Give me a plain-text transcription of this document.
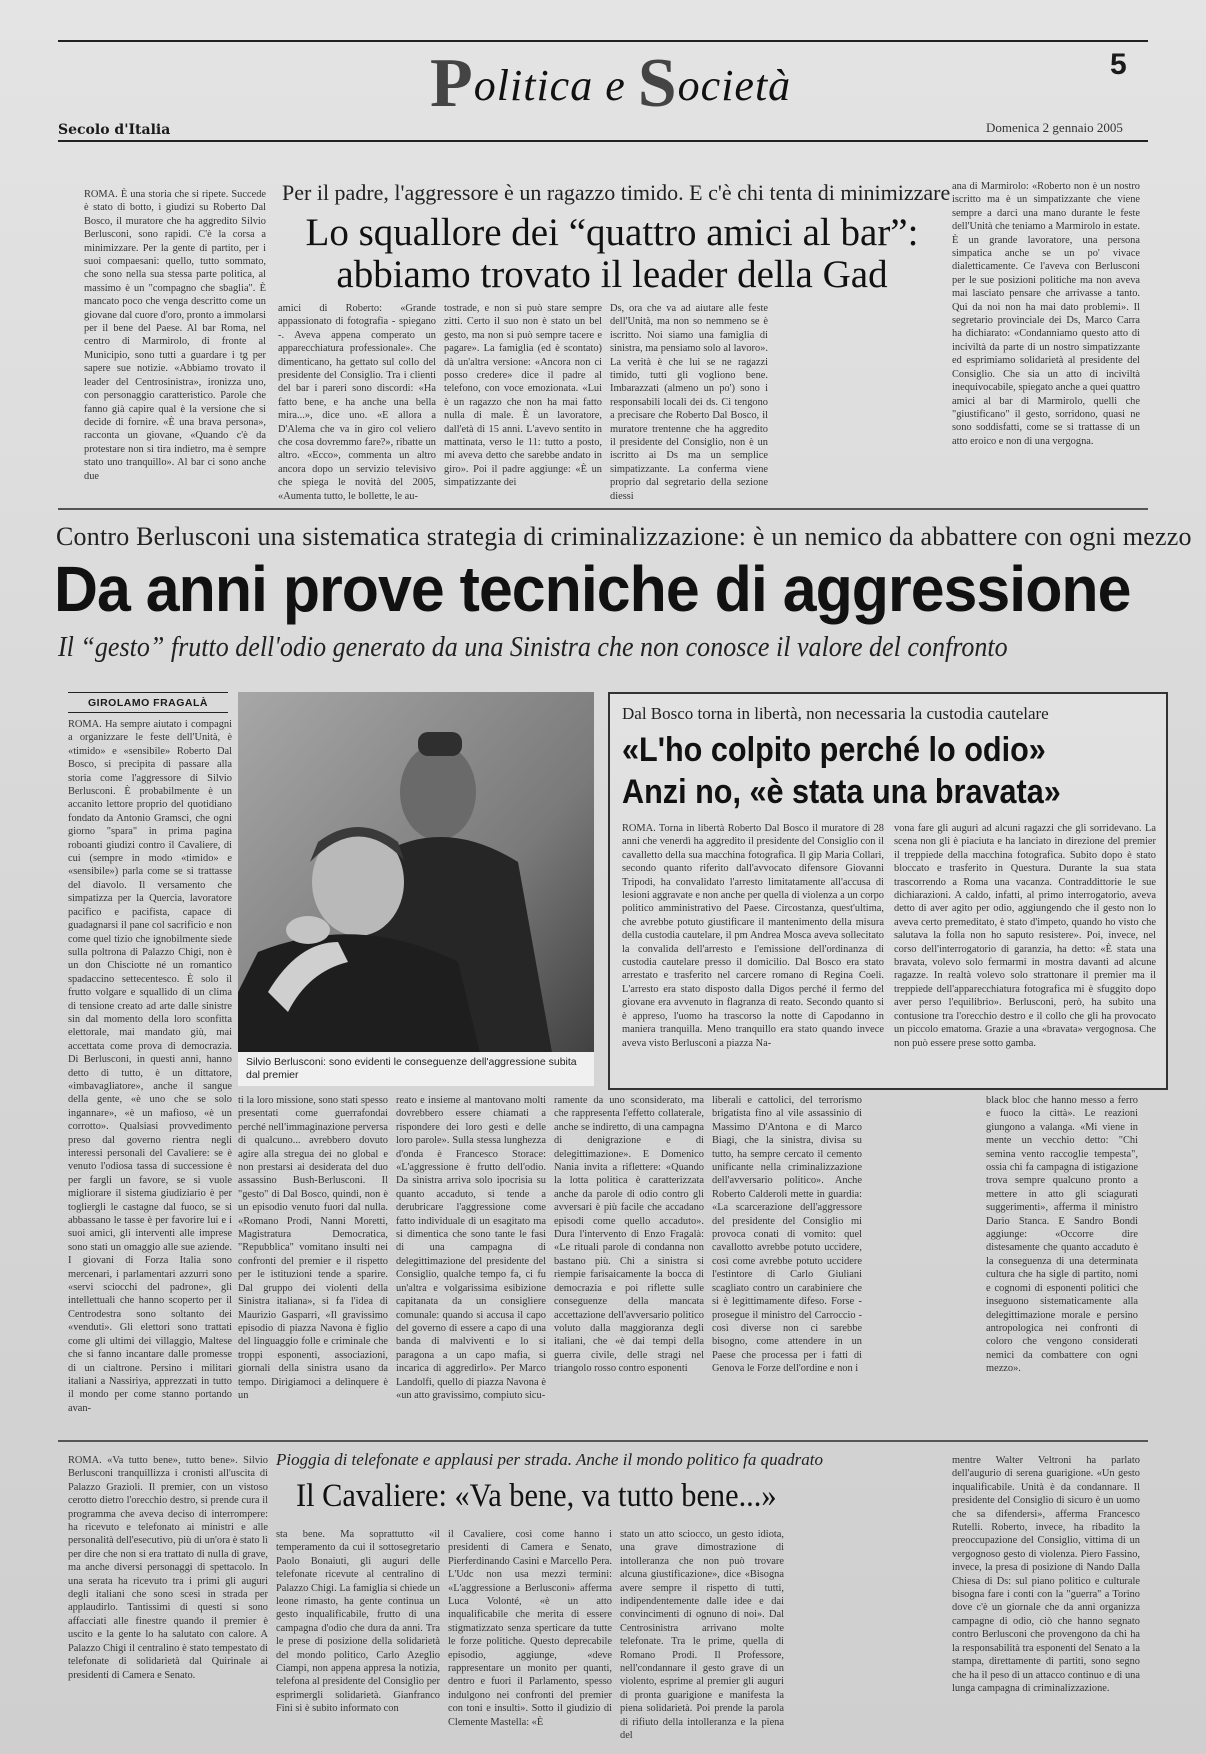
Politica e Società	5
Secolo d'Italia	Domenica 2 gennaio 2005
ROMA. È una storia che si ripete. Succede è stato di botto, i giudizi su Roberto Dal Bosco, il muratore che ha aggredito Silvio Berlusconi, sono rapidi. C'è la corsa a minimizzare. Per la gente di partito, per i suoi compaesani: quello, tutto sommato, che sono nella sua stessa parte politica, al massimo è un "compagno che sbaglia". È mancato poco che venga descritto come un giovane dal cuore d'oro, pronto a immolarsi per il bene del Paese. Al bar Roma, nel centro di Marmirolo, di fronte al Municipio, sono tutti a guardare i tg per sapere sue notizie. «Abbiamo trovato il leader del Centrosinistra», ironizza uno, con personaggio caratteristico. Parole che fanno già capire qual è la versione che si decide di fornire. «È una brava persona», racconta un giovane, «Quando c'è da protestare non si tira indietro, ma è sempre stato uno tranquillo». Al bar ci sono anche due
Per il padre, l'aggressore è un ragazzo timido. E c'è chi tenta di minimizzare
Lo squallore dei “quattro amici al bar”:
abbiamo trovato il leader della Gad
amici di Roberto: «Grande appassionato di fotografia - spiegano -. Aveva appena comperato un apparecchiatura professionale». Che dimenticano, ha gettato sul collo del presidente del Consiglio. Tra i clienti del bar i pareri sono discordi: «Ha fatto bene, e ha anche una bella mira...», dice uno. «E allora a D'Alema che va in giro col veliero che cosa dovremmo fare?», ribatte un altro. «Ecco», commenta un altro ancora dopo un servizio televisivo che spiega le novità del 2005, «Aumenta tutto, le bollette, le au-
tostrade, e non si può stare sempre zitti. Certo il suo non è stato un bel gesto, ma non si può sempre tacere e pagare». La famiglia (ed è scontato) dà un'altra versione: «Ancora non ci posso credere» dice il padre al telefono, con voce emozionata. «Lui è un ragazzo che non ha mai fatto nulla di male. È un lavoratore, dall'età di 15 anni. L'avevo sentito in mattinata, verso le 11: tutto a posto, mi aveva detto che sarebbe andato in giro». Poi il padre aggiunge: «È un simpatizzante dei
Ds, ora che va ad aiutare alle feste dell'Unità, ma non so nemmeno se è iscritto. Noi siamo una famiglia di sinistra, ma pensiamo solo al lavoro». La verità è che lui se ne ragazzi timido, tutti gli vogliono bene. Imbarazzati (almeno un po') sono i responsabili locali dei ds. Ci tengono a precisare che Roberto Dal Bosco, il muratore trentenne che ha aggredito il presidente del Consiglio, non è un iscritto ai Ds ma un semplice simpatizzante. La conferma viene proprio dal segretario della sezione diessi
ana di Marmirolo: «Roberto non è un nostro iscritto ma è un simpatizzante che viene sempre a darci una mano durante le feste dell'Unità che teniamo a Marmirolo in estate. È un grande lavoratore, una persona simpatica anche se un po' vivace dialetticamente. Ce l'aveva con Berlusconi per le sue posizioni politiche ma non aveva mai lasciato pensare che arrivasse a tanto. Qui da noi non ha mai dato problemi». Il segretario provinciale dei Ds, Marco Carra ha dichiarato: «Condanniamo questo atto di inciviltà da parte di un nostro simpatizzante ed esprimiamo solidarietà al presidente del Consiglio. Che sia un atto di inciviltà inequivocabile, spiegato anche a quei quattro amici al bar di Marmirolo, quelli che "giustificano" il gesto, sorridono, quasi ne sono soddisfatti, come se si trattasse di un atto eroico e non di una vergogna.
Contro Berlusconi una sistematica strategia di criminalizzazione: è un nemico da abbattere con ogni mezzo
Da anni prove tecniche di aggressione
Il “gesto” frutto dell'odio generato da una Sinistra che non conosce il valore del confronto
GIROLAMO FRAGALÀ
ROMA. Ha sempre aiutato i compagni a organizzare le feste dell'Unità, è «timido» e «sensibile» Roberto Dal Bosco, si precipita di passare alla storia come l'aggressore di Silvio Berlusconi. È probabilmente è un accanito lettore proprio del quotidiano fondato da Antonio Gramsci, che ogni giorno "spara" in prima pagina roboanti giudizi contro il Cavaliere, di cui (sempre in modo «timido» e «sensibile») parla come se si trattasse del diavolo. Il versamento che simpatizza per la Quercia, lavoratore pacifico e pacifista, capace di guadagnarsi il pane col sacrificio e non come quel tizio che ignobilmente siede sulla poltrona di Palazzo Chigi, non è un don Chisciotte né un romantico spadaccino settecentesco. È solo il frutto volgare e squallido di un clima di tensione creato ad arte dalle sinistre sin dal momento della loro sconfitta elettorale, mai mandato giù, mai accettata come prova di democrazia. Di Berlusconi, in questi anni, hanno detto di tutto, è un dittatore, «imbavagliatore», anche il sangue della gente, «è uno che se solo ingannare», «è un mafioso, «è un corrotto». Qualsiasi provvedimento preso dal governo rientra negli interessi personali del Cavaliere: se è venuto l'odiosa tassa di successione è per fargli un favore, se si vuole migliorare il sistema giudiziario è per togliergli le castagne dal fuoco, se si abbassano le tasse è per favorire lui e i suoi amici, gli interventi alle imprese sono stati un omaggio alle sue aziende. I giovani di Forza Italia sono mercenari, i parlamentari azzurri sono «servi sciocchi del padrone», gli intellettuali che hanno scoperto per il Centrodestra sono soltanto dei «venduti». Gli elettori sono trattati come gli ultimi dei villaggio, Maltese che si fanno incantare dalle promesse di un cialtrone. Persino i militari italiani a Nassiriya, apprezzati in tutto il mondo per come stanno portando avan-
Silvio Berlusconi: sono evidenti le conseguenze dell'aggressione subita dal premier
Dal Bosco torna in libertà, non necessaria la custodia cautelare
«L'ho colpito perché lo odio»
Anzi no, «è stata una bravata»
ROMA. Torna in libertà Roberto Dal Bosco il muratore di 28 anni che venerdì ha aggredito il presidente del Consiglio con il cavalletto della sua macchina fotografica. Il gip Maria Collari, secondo quanto riferito dall'avvocato difensore Giovanni Tripodi, ha convalidato l'arresto limitatamente all'accusa di lesioni aggravate e non anche per quella di violenza a un corpo politico amministrativo del Paese. Circostanza, quest'ultima, che avrebbe potuto giustificare il mantenimento della misura della custodia cautelare, il pm Andrea Mosca aveva sollecitato la convalida dell'arresto e l'emissione dell'ordinanza di custodia cautelare presso il domicilio. Dal Bosco era stato arrestato e trasferito nel carcere romano di Regina Coeli. L'arresto era stato disposto dalla Digos perché il fermo del giovane era avvenuto in flagranza di reato. Secondo quanto si è appreso, l'uomo ha trascorso la notte di Capodanno in maniera tranquilla. Meno tranquillo era stato quando invece aveva visto Berlusconi a piazza Na-
vona fare gli auguri ad alcuni ragazzi che gli sorridevano. La scena non gli è piaciuta e ha lanciato in direzione del premier il treppiede della macchina fotografica. Subito dopo è stato bloccato e trasferito in Questura. Durante la sua stata trascorrendo a Roma una vacanza. Contraddittorie le sue dichiarazioni. A caldo, infatti, al primo interrogatorio, aveva detto di aver agito per odio, aggiungendo che il gesto non lo aveva certo premeditato, è stato d'impeto, quando ho visto che salutava la folla non ho saputo resistere». Poi, invece, nel corso dell'interrogatorio di garanzia, ha detto: «È stata una bravata, volevo solo fermarmi in mostra davanti ad alcune ragazze. In realtà volevo solo strattonare il premier ma il treppiede dell'apparecchiatura fotografica mi è sfuggito dopo aver perso l'equilibrio». Berlusconi, però, ha subito una contusione tra l'orecchio destro e il collo che gli ha provocato un piccolo ematoma. Grazie a una «bravata» vergognosa. Che non può essere prese sotto gamba.
ti la loro missione, sono stati spesso presentati come guerrafondai perché nell'immaginazione perversa di qualcuno... avrebbero dovuto agire alla stregua dei no global e non prestarsi ai desiderata del duo assassino Bush-Berlusconi. Il "gesto" di Dal Bosco, quindi, non è un episodio venuto fuori dal nulla. «Romano Prodi, Nanni Moretti, Magistratura Democratica, "Repubblica" vomitano insulti nei confronti del premier e il rispetto per le istituzioni tende a sparire. Dal gruppo dei violenti della Sinistra italiana», si fa l'idea di Maurizio Gasparri, «Il gravissimo episodio di piazza Navona è figlio del linguaggio folle e criminale che troppi esponenti, associazioni, giornali della sinistra usano da tempo. Dirigiamoci a delinquere è un
reato e insieme al mantovano molti dovrebbero essere chiamati a rispondere dei loro gesti e delle loro parole». Sulla stessa lunghezza d'onda è Francesco Storace: «L'aggressione è frutto dell'odio. Da sinistra arriva solo ipocrisia su quanto accaduto, si tende a derubricare l'aggressione come fatto individuale di un esagitato ma si dimentica che sono tante le fasi di una campagna di delegittimazione del presidente del Consiglio, qualche tempo fa, ci fu un'altra e volgarissima esibizione capitanata da un consigliere comunale: quando si accusa il capo del governo di essere a capo di una banda di malviventi e lo si paragona a un capo mafia, si incarica di aggredirlo». Per Marco Landolfi, quello di piazza Navona è «un atto gravissimo, compiuto sicu-
ramente da uno sconsiderato, ma che rappresenta l'effetto collaterale, anche se indiretto, di una campagna di denigrazione e di delegittimazione». E Domenico Nania invita a riflettere: «Quando la lotta politica è caratterizzata anche da parole di odio contro gli avversari è più facile che accadano episodi come quello accaduto». Dura l'intervento di Enzo Fragalà: «Le rituali parole di condanna non bastano più. Chi a sinistra si riempie farisaicamente la bocca di democrazia e poi riflette sulle conseguenze della mancata accettazione dell'avversario politico voluto dalla maggioranza degli italiani, che «è dai tempi della guerra civile, delle stragi nel triangolo rosso contro esponenti
liberali e cattolici, del terrorismo brigatista fino al vile assassinio di Massimo D'Antona e di Marco Biagi, che la sinistra, divisa su tutto, ha sempre cercato il cemento unificante nella criminalizzazione dell'avversario politico». Anche Roberto Calderoli mette in guardia: «La scarcerazione dell'aggressore del presidente del Consiglio mi provoca conati di vomito: quel cavallotto avrebbe potuto uccidere, così come avrebbe potuto uccidere l'estintore di Carlo Giuliani scagliato contro un carabiniere che si è legittimamente difeso. Forse - prosegue il ministro del Carroccio - così diverse non ci sarebbe bisogno, come attendere in un Paese che processa per i fatti di Genova le Forze dell'ordine e non i
black bloc che hanno messo a ferro e fuoco la città». Le reazioni giungono a valanga. «Mi viene in mente un vecchio detto: "Chi semina vento raccoglie tempesta", ossia chi fa campagna di istigazione trova sempre qualcuno pronto a mettere in atto gli sciagurati suggerimenti», afferma il ministro Dario Stanca. E Sandro Bondi aggiunge: «Occorre dire distesamente che quanto accaduto è la conseguenza di una determinata cultura che ha sigle di partito, nomi e cognomi di esponenti politici che inseguono sistematicamente alla delegittimazione morale e persino antropologica nei confronti di coloro che vengono considerati nemici da combattere con ogni mezzo».
ROMA. «Va tutto bene», tutto bene». Silvio Berlusconi tranquillizza i cronisti all'uscita di Palazzo Grazioli. Il premier, con un vistoso cerotto dietro l'orecchio destro, si prende cura il programma che aveva deciso di interrompere: ha ricevuto e telefonato ai ministri e alle personalità dell'esecutivo, più di un'ora è stato lì per dire che non si era trattato di nulla di grave, ma anche diversi personaggi di spettacolo. In una serata ha ricevuto tra i primi gli auguri degli italiani che sono scesi in strada per applaudirlo. Tantissimi di questi si sono affacciati alle finestre quando il premier è uscito e la gente lo ha salutato con calore. A Palazzo Chigi il centralino è stato tempestato di telefonate di solidarietà dal Quirinale ai presidenti di Camera e Senato.
Pioggia di telefonate e applausi per strada. Anche il mondo politico fa quadrato
Il Cavaliere: «Va bene, va tutto bene...»
sta bene. Ma soprattutto «il temperamento da cui il sottosegretario Paolo Bonaiuti, gli auguri delle telefonate ricevute al centralino di Palazzo Chigi. La famiglia si chiede un leone rimasto, ha gente continua un gesto inqualificabile, frutto di una campagna d'odio che dura da anni. Tra le prese di posizione della solidarietà del mondo politico, Carlo Azeglio Ciampi, non appena appresa la notizia, telefona al presidente del Consiglio per esprimergli solidarietà. Gianfranco Fini si è subito informato con
il Cavaliere, così come hanno i presidenti di Camera e Senato, Pierferdinando Casini e Marcello Pera. L'Udc non usa mezzi termini: «L'aggressione a Berlusconi» afferma Luca Volonté, «è un atto inqualificabile che merita di essere stigmatizzato senza sperticare da tutte le forze politiche. Questo deprecabile episodio, aggiunge, «deve rappresentare un monito per quanti, dentro e fuori il Parlamento, spesso indulgono nei confronti del premier con toni e insulti». Sotto il giudizio di Clemente Mastella: «È
stato un atto sciocco, un gesto idiota, una grave dimostrazione di intolleranza che non può trovare alcuna giustificazione», dice «Bisogna avere sempre il rispetto di tutti, indipendentemente dalle idee e dai convincimenti di ognuno di noi». Dal Centrosinistra arrivano molte telefonate. Tra le prime, quella di Romano Prodi. Il Professore, nell'condannare il gesto grave di un violento, esprime al premier gli auguri di pronta guarigione e manifesta la piena solidarietà. Poi prende la parola di rifiuto della intolleranza e la piena del
mentre Walter Veltroni ha parlato dell'augurio di serena guarigione. «Un gesto inqualificabile. Unità è da condannare. Il presidente del Consiglio di sicuro è un uomo che sa difendersi», afferma Francesco Rutelli. Roberto, invece, ha ribadito la preoccupazione del Consiglio, vittima di un vergognoso gesto di violenza. Piero Fassino, invece, la presa di posizione di Nando Dalla Chiesa di Ds: sul piano politico e culturale bisogna fare i conti con la "guerra" a Torino dove c'è un giornale che da anni organizza campagne di odio, ciò che hanno segnato contro Berlusconi che provengono da chi ha la responsabilità tra esponenti del Senato a la stampa, direttamente di partiti, sono segno che ha il peso di un attacco continuo e di una lunga campagna di criminalizzazione.
